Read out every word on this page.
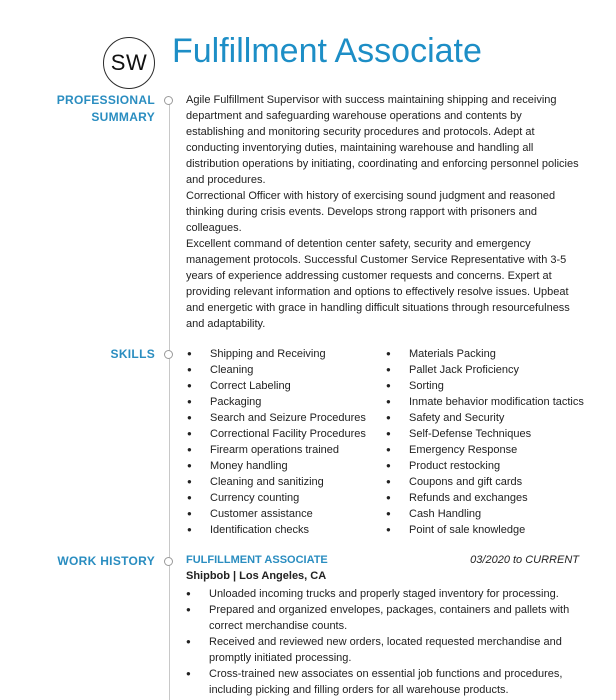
SW Fulfillment Associate
PROFESSIONAL SUMMARY

Agile Fulfillment Supervisor with success maintaining shipping and receiving department and safeguarding warehouse operations and contents by establishing and monitoring security procedures and protocols. Adept at conducting inventorying duties, maintaining warehouse and handling all distribution operations by initiating, coordinating and enforcing personnel policies and procedures.

Correctional Officer with history of exercising sound judgment and reasoned thinking during crisis events. Develops strong rapport with prisoners and colleagues.

Excellent command of detention center safety, security and emergency management protocols. Successful Customer Service Representative with 3-5 years of experience addressing customer requests and concerns. Expert at providing relevant information and options to effectively resolve issues. Upbeat and energetic with grace in handling difficult situations through resourcefulness and adaptability.

SKILLS
●	Shipping and Receiving
● Cleaning
● Correct Labeling
● Packaging
● Search and Seizure Procedures
● Correctional Facility Procedures
● Firearm operations trained
● Money handling
● Cleaning and sanitizing
● Currency counting
● Customer assistance
● Identification checks
● Materials Packing
● Pallet Jack Proficiency
● Sorting
● Inmate behavior modification tactics
● Safety and Security
● Self-Defense Techniques
● Emergency Response
● Product restocking
● Coupons and gift cards
● Refunds and exchanges
● Cash Handling
● Point of sale knowledge
WORK HISTORY	FULFILLMENT ASSOCIATE	03/2020 to CURRENT
Shipbob | Los Angeles, CA
● Unloaded incoming trucks and properly staged inventory for processing.
● Prepared and organized envelopes, packages, containers and pallets with correct merchandise counts.
● Received and reviewed new orders, located requested merchandise and promptly initiated processing.
● Cross-trained new associates on essential job functions and procedures, including picking and filling orders for all warehouse products.
